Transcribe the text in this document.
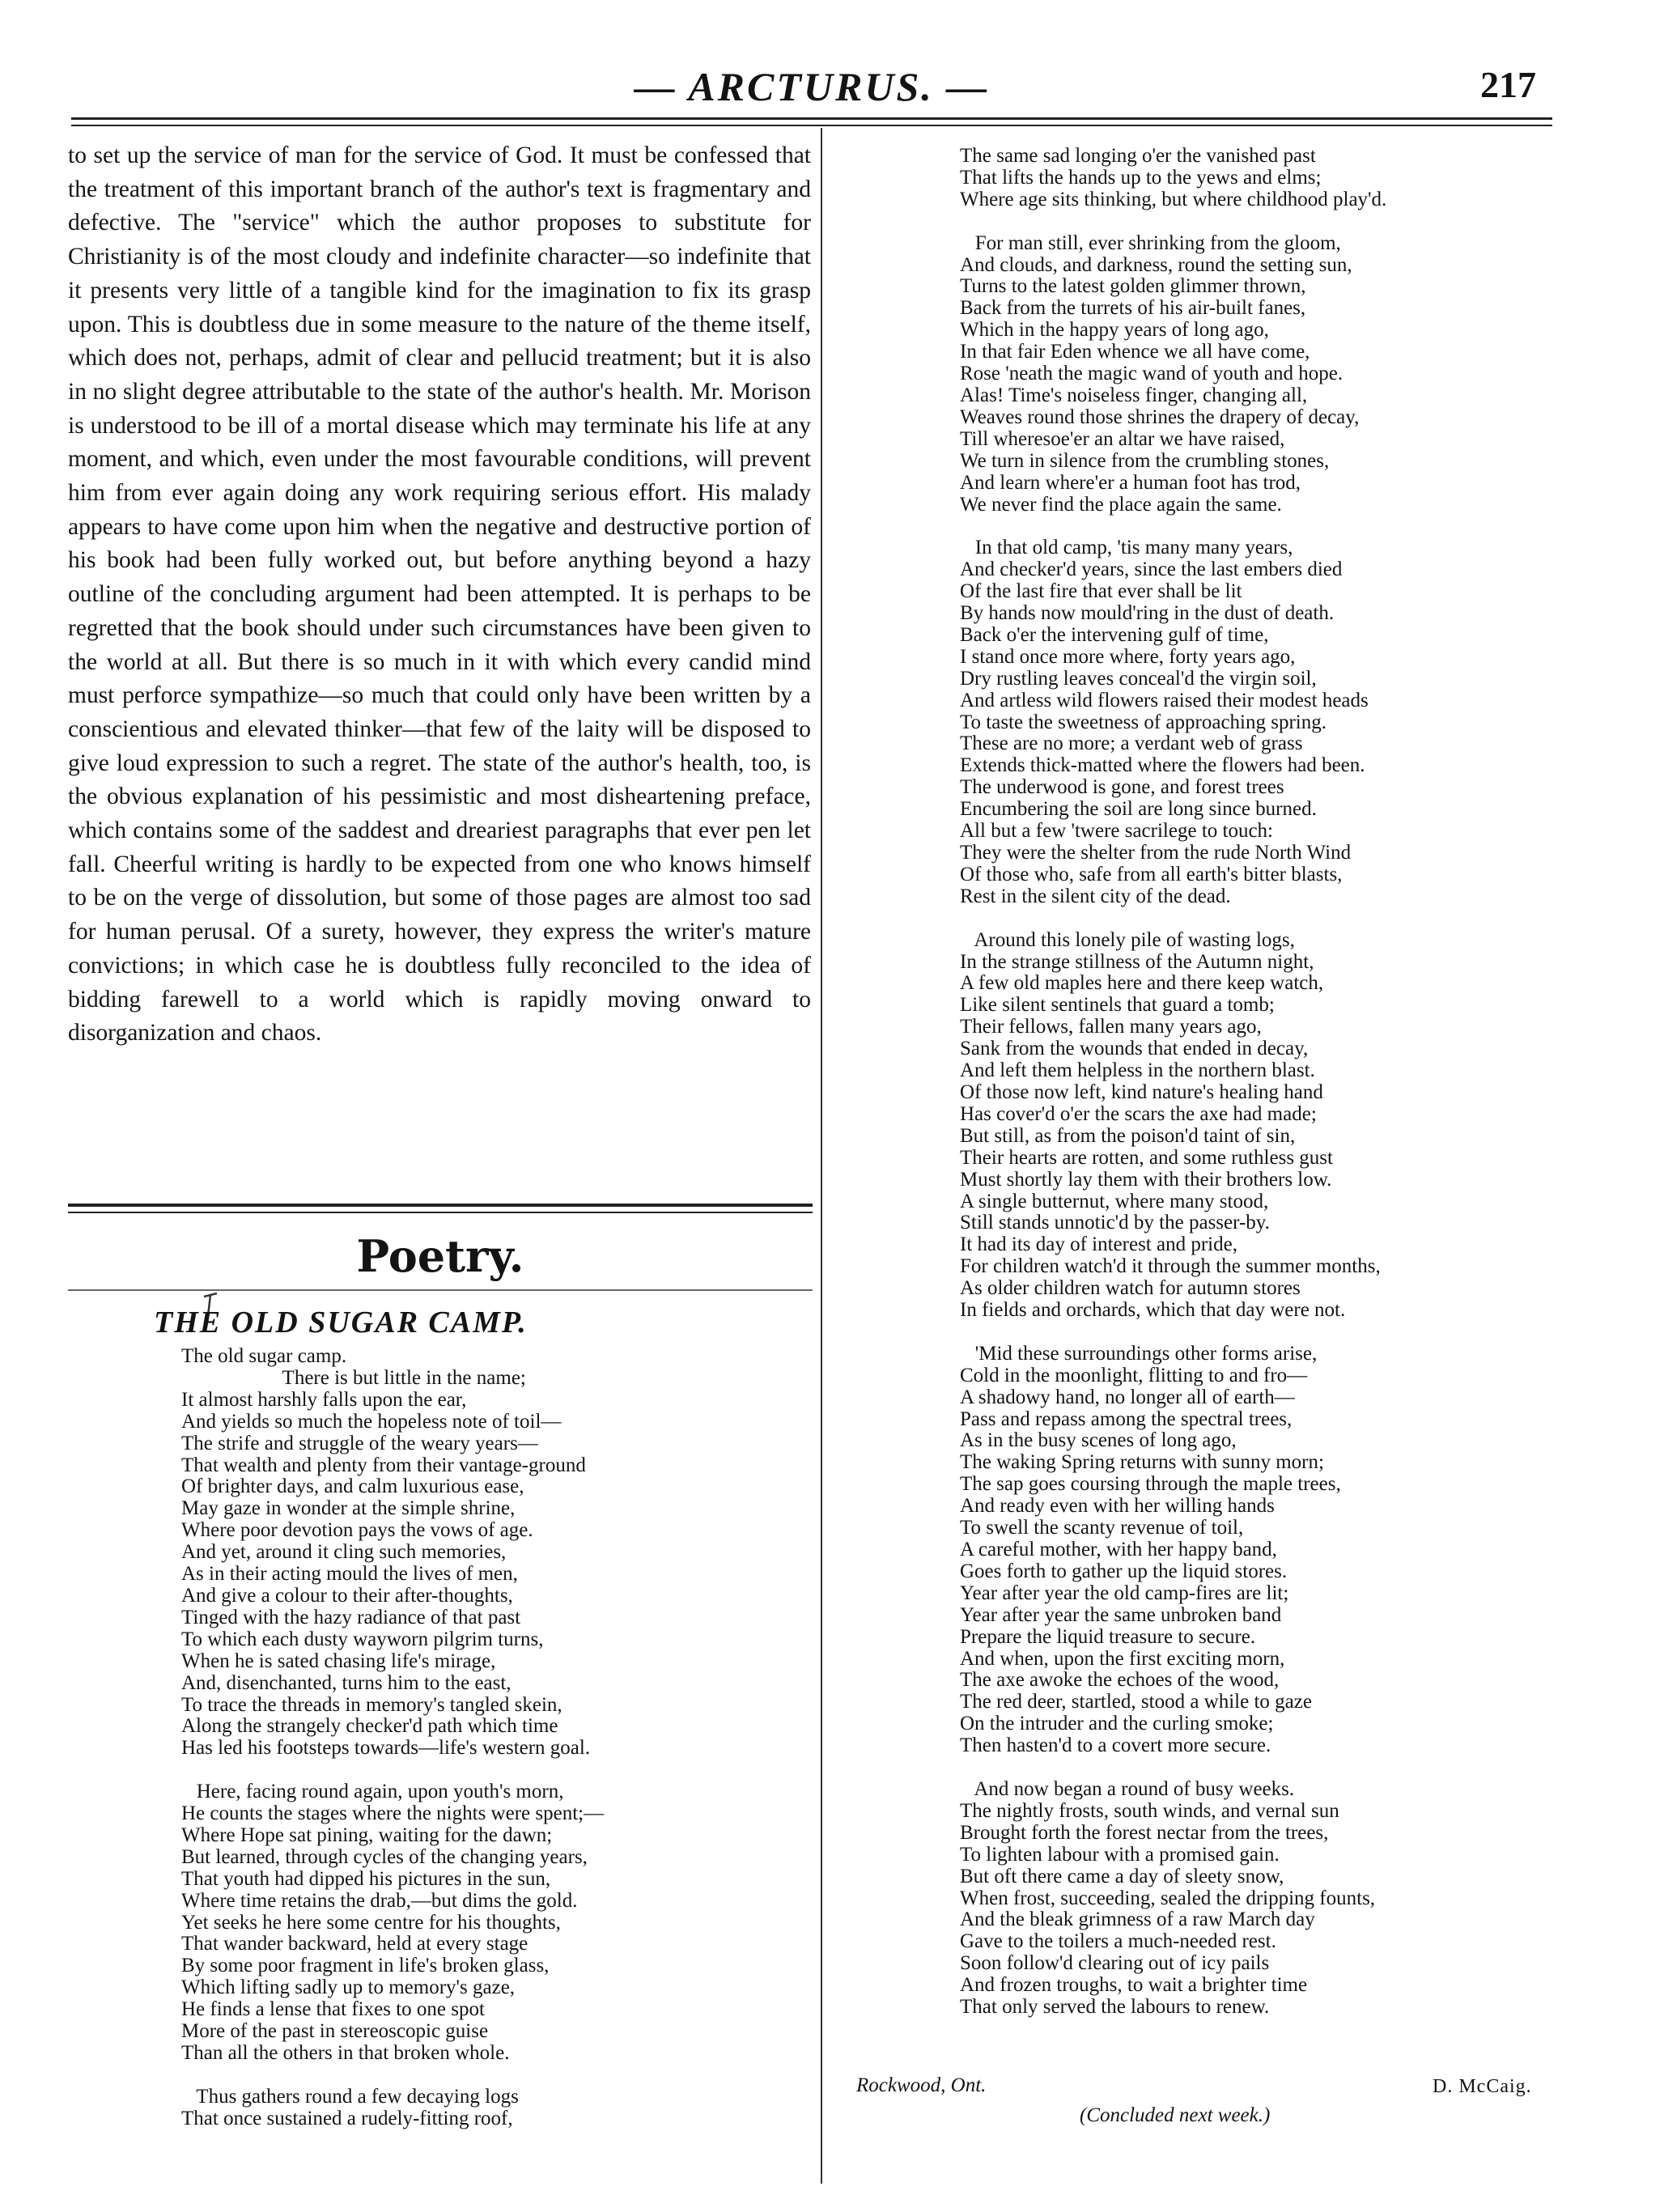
— ARCTURUS. —	217

to set up the service of man for the service of God. It must be confessed that the treatment of this important branch of the author's text is fragmentary and defective. The "service" which the author proposes to substitute for Christianity is of the most cloudy and indefinite character—so indefinite that it presents very little of a tangible kind for the imagination to fix its grasp upon. This is doubtless due in some measure to the nature of the theme itself, which does not, perhaps, admit of clear and pellucid treatment; but it is also in no slight degree attributable to the state of the author's health. Mr. Morison is understood to be ill of a mortal disease which may terminate his life at any moment, and which, even under the most favourable conditions, will prevent him from ever again doing any work requiring serious effort. His malady appears to have come upon him when the negative and destructive portion of his book had been fully worked out, but before anything beyond a hazy outline of the concluding argument had been attempted. It is perhaps to be regretted that the book should under such circumstances have been given to the world at all. But there is so much in it with which every candid mind must perforce sympathize—so much that could only have been written by a conscientious and elevated thinker—that few of the laity will be disposed to give loud expression to such a regret. The state of the author's health, too, is the obvious explanation of his pessimistic and most disheartening preface, which contains some of the saddest and dreariest paragraphs that ever pen let fall. Cheerful writing is hardly to be expected from one who knows himself to be on the verge of dissolution, but some of those pages are almost too sad for human perusal. Of a surety, however, they express the writer's mature convictions; in which case he is doubtless fully reconciled to the idea of bidding farewell to a world which is rapidly moving onward to disorganization and chaos.

Poetry.
THE OLD SUGAR CAMP.
The old sugar camp.
There is but little in the name;
It almost harshly falls upon the ear,
And yields so much the hopeless note of toil—
The strife and struggle of the weary years—
That wealth and plenty from their vantage-ground
Of brighter days, and calm luxurious ease,
May gaze in wonder at the simple shrine,
Where poor devotion pays the vows of age.
And yet, around it cling such memories,
As in their acting mould the lives of men,
And give a colour to their after-thoughts,
Tinged with the hazy radiance of that past
To which each dusty wayworn pilgrim turns,
When he is sated chasing life's mirage,
And, disenchanted, turns him to the east,
To trace the threads in memory's tangled skein,
Along the strangely checker'd path which time
Has led his footsteps towards—life's western goal.

Here, facing round again, upon youth's morn,
He counts the stages where the nights were spent;—
Where Hope sat pining, waiting for the dawn;
But learned, through cycles of the changing years,
That youth had dipped his pictures in the sun,
Where time retains the drab,—but dims the gold.
Yet seeks he here some centre for his thoughts,
That wander backward, held at every stage
By some poor fragment in life's broken glass,
Which lifting sadly up to memory's gaze,
He finds a lense that fixes to one spot
More of the past in stereoscopic guise
Than all the others in that broken whole.

Thus gathers round a few decaying logs
That once sustained a rudely-fitting roof,
The same sad longing o'er the vanished past
That lifts the hands up to the yews and elms;
Where age sits thinking, but where childhood play'd.

For man still, ever shrinking from the gloom,
And clouds, and darkness, round the setting sun,
Turns to the latest golden glimmer thrown,
Back from the turrets of his air-built fanes,
Which in the happy years of long ago,
In that fair Eden whence we all have come,
Rose 'neath the magic wand of youth and hope.
Alas! Time's noiseless finger, changing all,
Weaves round those shrines the drapery of decay,
Till wheresoe'er an altar we have raised,
We turn in silence from the crumbling stones,
And learn where'er a human foot has trod,
We never find the place again the same.

In that old camp, 'tis many many years,
And checker'd years, since the last embers died
Of the last fire that ever shall be lit
By hands now mould'ring in the dust of death.
Back o'er the intervening gulf of time,
I stand once more where, forty years ago,
Dry rustling leaves conceal'd the virgin soil,
And artless wild flowers raised their modest heads
To taste the sweetness of approaching spring.
These are no more; a verdant web of grass
Extends thick-matted where the flowers had been.
The underwood is gone, and forest trees
Encumbering the soil are long since burned.
All but a few 'twere sacrilege to touch:
They were the shelter from the rude North Wind
Of those who, safe from all earth's bitter blasts,
Rest in the silent city of the dead.

Around this lonely pile of wasting logs,
In the strange stillness of the Autumn night,
A few old maples here and there keep watch,
Like silent sentinels that guard a tomb;
Their fellows, fallen many years ago,
Sank from the wounds that ended in decay,
And left them helpless in the northern blast.
Of those now left, kind nature's healing hand
Has cover'd o'er the scars the axe had made;
But still, as from the poison'd taint of sin,
Their hearts are rotten, and some ruthless gust
Must shortly lay them with their brothers low.
A single butternut, where many stood,
Still stands unnotic'd by the passer-by.
It had its day of interest and pride,
For children watch'd it through the summer months,
As older children watch for autumn stores
In fields and orchards, which that day were not.

'Mid these surroundings other forms arise,
Cold in the moonlight, flitting to and fro—
A shadowy hand, no longer all of earth—
Pass and repass among the spectral trees,
As in the busy scenes of long ago,
The waking Spring returns with sunny morn;
The sap goes coursing through the maple trees,
And ready even with her willing hands
To swell the scanty revenue of toil,
A careful mother, with her happy band,
Goes forth to gather up the liquid stores.
Year after year the old camp-fires are lit;
Year after year the same unbroken band
Prepare the liquid treasure to secure.
And when, upon the first exciting morn,
The axe awoke the echoes of the wood,
The red deer, startled, stood a while to gaze
On the intruder and the curling smoke;
Then hasten'd to a covert more secure.

And now began a round of busy weeks.
The nightly frosts, south winds, and vernal sun
Brought forth the forest nectar from the trees,
To lighten labour with a promised gain.
But oft there came a day of sleety snow,
When frost, succeeding, sealed the dripping founts,
And the bleak grimness of a raw March day
Gave to the toilers a much-needed rest.
Soon follow'd clearing out of icy pails
And frozen troughs, to wait a brighter time
That only served the labours to renew.
Rockwood, Ont.	D. McCaig.
(Concluded next week.)
